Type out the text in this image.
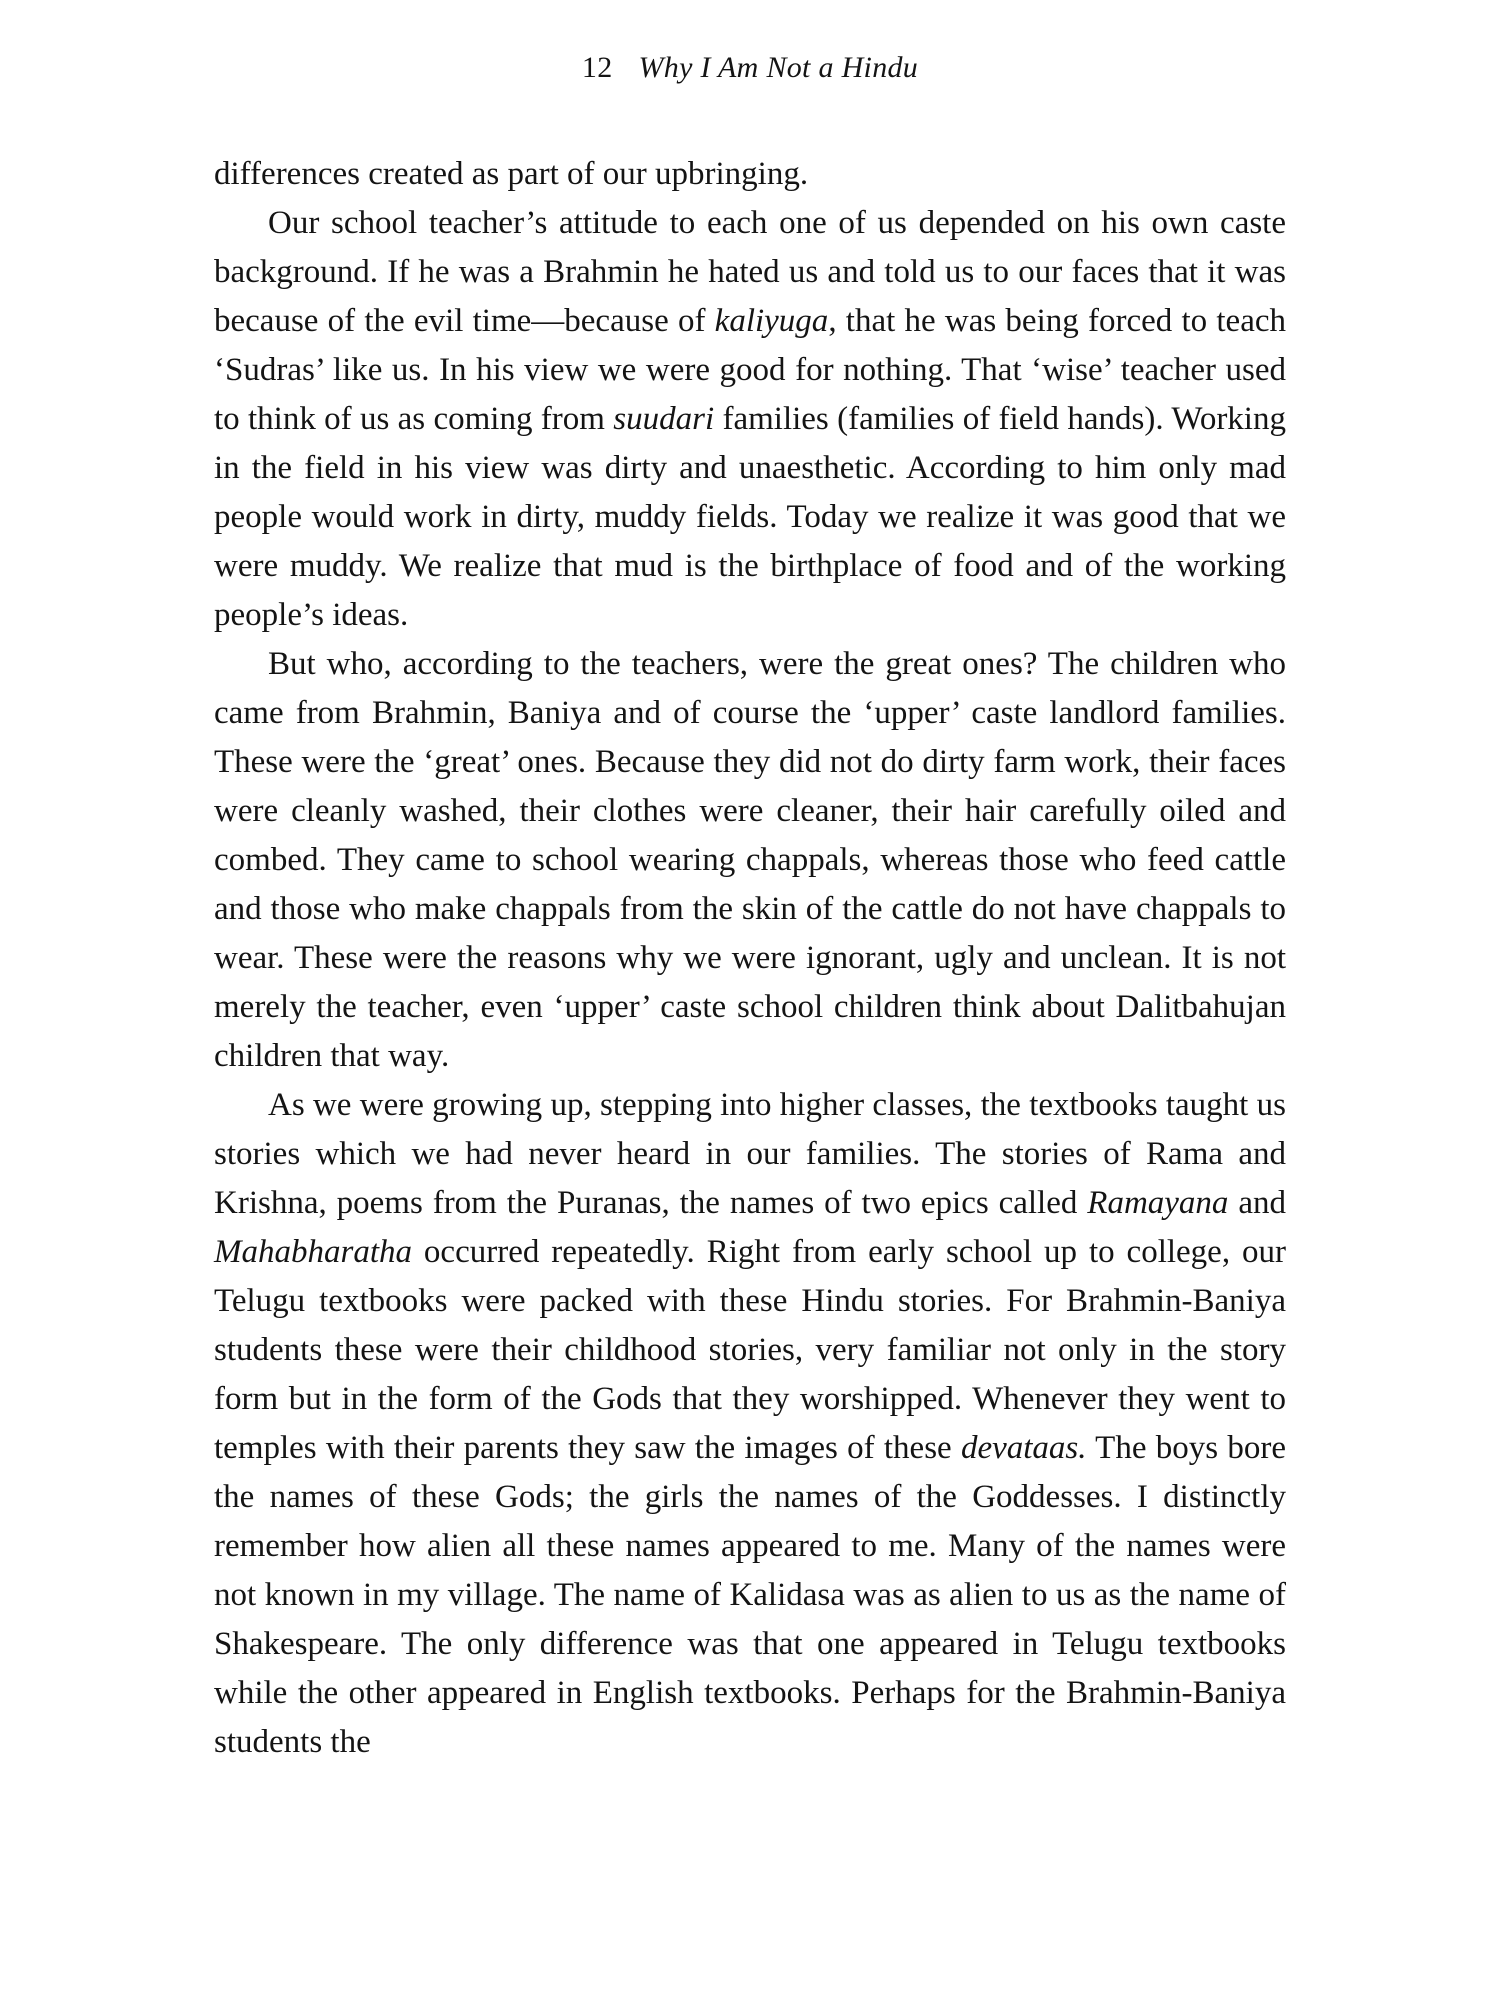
12 Why I Am Not a Hindu

differences created as part of our upbringing.

Our school teacher’s attitude to each one of us depended on his own caste background. If he was a Brahmin he hated us and told us to our faces that it was because of the evil time—because of kaliyuga, that he was being forced to teach ‘Sudras’ like us. In his view we were good for nothing. That ‘wise’ teacher used to think of us as coming from suudari families (families of field hands). Working in the field in his view was dirty and unaesthetic. According to him only mad people would work in dirty, muddy fields. Today we realize it was good that we were muddy. We realize that mud is the birthplace of food and of the working people’s ideas.

But who, according to the teachers, were the great ones? The children who came from Brahmin, Baniya and of course the ‘upper’ caste landlord families. These were the ‘great’ ones. Because they did not do dirty farm work, their faces were cleanly washed, their clothes were cleaner, their hair carefully oiled and combed. They came to school wearing chappals, whereas those who feed cattle and those who make chappals from the skin of the cattle do not have chappals to wear. These were the reasons why we were ignorant, ugly and unclean. It is not merely the teacher, even ‘upper’ caste school children think about Dalitbahujan children that way.

As we were growing up, stepping into higher classes, the textbooks taught us stories which we had never heard in our families. The stories of Rama and Krishna, poems from the Puranas, the names of two epics called Ramayana and Mahabharatha occurred repeatedly. Right from early school up to college, our Telugu textbooks were packed with these Hindu stories. For Brahmin-Baniya students these were their childhood stories, very familiar not only in the story form but in the form of the Gods that they worshipped. Whenever they went to temples with their parents they saw the images of these devataas. The boys bore the names of these Gods; the girls the names of the Goddesses. I distinctly remember how alien all these names appeared to me. Many of the names were not known in my village. The name of Kalidasa was as alien to us as the name of Shakespeare. The only difference was that one appeared in Telugu textbooks while the other appeared in English textbooks. Perhaps for the Brahmin-Baniya students the
